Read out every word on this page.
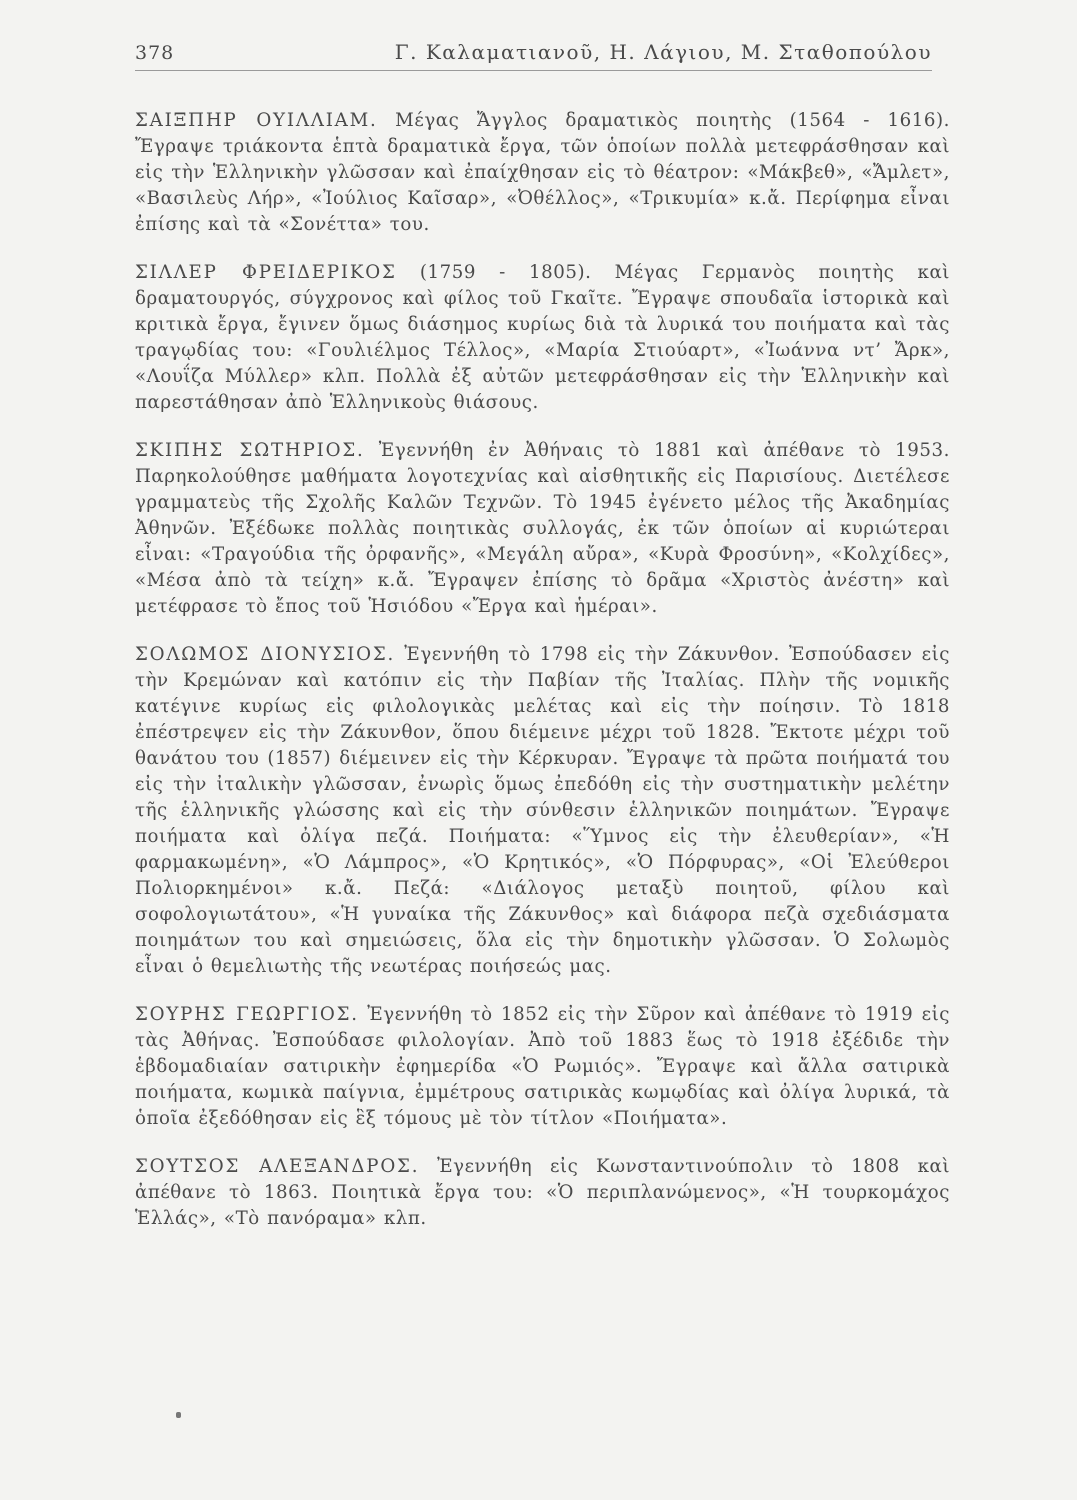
378	Γ. Καλαματιανοῦ, Η. Λάγιου, Μ. Σταθοπούλου

ΣΑΙΞΠΗΡ ΟΥΙΛΛΙΑΜ. Μέγας Ἄγγλος δραματικὸς ποιητὴς (1564 - 1616). Ἔγραψε τριάκοντα ἑπτὰ δραματικὰ ἔργα, τῶν ὁποίων πολλὰ μετεφράσθησαν καὶ εἰς τὴν Ἑλληνικὴν γλῶσσαν καὶ ἐπαίχθησαν εἰς τὸ θέατρον: «Μάκβεθ», «Ἄμλετ», «Βασιλεὺς Λήρ», «Ἰούλιος Καῖσαρ», «Ὀθέλλος», «Τρικυμία» κ.ἄ. Περίφημα εἶναι ἐπίσης καὶ τὰ «Σονέττα» του.

ΣΙΛΛΕΡ ΦΡΕΙΔΕΡΙΚΟΣ (1759 - 1805). Μέγας Γερμανὸς ποιητὴς καὶ δραματουργός, σύγχρονος καὶ φίλος τοῦ Γκαῖτε. Ἔγραψε σπουδαῖα ἱστορικὰ καὶ κριτικὰ ἔργα, ἔγινεν ὅμως διάσημος κυρίως διὰ τὰ λυρικά του ποιήματα καὶ τὰς τραγῳδίας του: «Γουλιέλμος Τέλλος», «Μαρία Στιούαρτ», «Ἰωάννα ντ’ Ἄρκ», «Λουΐζα Μύλλερ» κλπ. Πολλὰ ἐξ αὐτῶν μετεφράσθησαν εἰς τὴν Ἑλληνικὴν καὶ παρεστάθησαν ἀπὸ Ἑλληνικοὺς θιάσους.

ΣΚΙΠΗΣ ΣΩΤΗΡΙΟΣ. Ἐγεννήθη ἐν Ἀθήναις τὸ 1881 καὶ ἀπέθανε τὸ 1953. Παρηκολούθησε μαθήματα λογοτεχνίας καὶ αἰσθητικῆς εἰς Παρισίους. Διετέλεσε γραμματεὺς τῆς Σχολῆς Καλῶν Τεχνῶν. Τὸ 1945 ἐγένετο μέλος τῆς Ἀκαδημίας Ἀθηνῶν. Ἐξέδωκε πολλὰς ποιητικὰς συλλογάς, ἐκ τῶν ὁποίων αἱ κυριώτεραι εἶναι: «Τραγούδια τῆς ὀρφανῆς», «Μεγάλη αὔρα», «Κυρὰ Φροσύνη», «Κολχίδες», «Μέσα ἀπὸ τὰ τείχη» κ.ἄ. Ἔγραψεν ἐπίσης τὸ δρᾶμα «Χριστὸς ἀνέστη» καὶ μετέφρασε τὸ ἔπος τοῦ Ἡσιόδου «Ἔργα καὶ ἡμέραι».

ΣΟΛΩΜΟΣ ΔΙΟΝΥΣΙΟΣ. Ἐγεννήθη τὸ 1798 εἰς τὴν Ζάκυνθον. Ἐσπούδασεν εἰς τὴν Κρεμώναν καὶ κατόπιν εἰς τὴν Παβίαν τῆς Ἰταλίας. Πλὴν τῆς νομικῆς κατέγινε κυρίως εἰς φιλολογικὰς μελέτας καὶ εἰς τὴν ποίησιν. Τὸ 1818 ἐπέστρεψεν εἰς τὴν Ζάκυνθον, ὅπου διέμεινε μέχρι τοῦ 1828. Ἔκτοτε μέχρι τοῦ θανάτου του (1857) διέμεινεν εἰς τὴν Κέρκυραν. Ἔγραψε τὰ πρῶτα ποιήματά του εἰς τὴν ἰταλικὴν γλῶσσαν, ἐνωρὶς ὅμως ἐπεδόθη εἰς τὴν συστηματικὴν μελέτην τῆς ἑλληνικῆς γλώσσης καὶ εἰς τὴν σύνθεσιν ἑλληνικῶν ποιημάτων. Ἔγραψε ποιήματα καὶ ὀλίγα πεζά. Ποιήματα: «Ὕμνος εἰς τὴν ἐλευθερίαν», «Ἡ φαρμακωμένη», «Ὁ Λάμπρος», «Ὁ Κρητικός», «Ὁ Πόρφυρας», «Οἱ Ἐλεύθεροι Πολιορκημένοι» κ.ἄ. Πεζά: «Διάλογος μεταξὺ ποιητοῦ, φίλου καὶ σοφολογιωτάτου», «Ἡ γυναίκα τῆς Ζάκυνθος» καὶ διάφορα πεζὰ σχεδιάσματα ποιημάτων του καὶ σημειώσεις, ὅλα εἰς τὴν δημοτικὴν γλῶσσαν. Ὁ Σολωμὸς εἶναι ὁ θεμελιωτὴς τῆς νεωτέρας ποιήσεώς μας.

ΣΟΥΡΗΣ ΓΕΩΡΓΙΟΣ. Ἐγεννήθη τὸ 1852 εἰς τὴν Σῦρον καὶ ἀπέθανε τὸ 1919 εἰς τὰς Ἀθήνας. Ἐσπούδασε φιλολογίαν. Ἀπὸ τοῦ 1883 ἕως τὸ 1918 ἐξέδιδε τὴν ἑβδομαδιαίαν σατιρικὴν ἐφημερίδα «Ὁ Ρωμιός». Ἔγραψε καὶ ἄλλα σατιρικὰ ποιήματα, κωμικὰ παίγνια, ἐμμέτρους σατιρικὰς κωμῳδίας καὶ ὀλίγα λυρικά, τὰ ὁποῖα ἐξεδόθησαν εἰς ἓξ τόμους μὲ τὸν τίτλον «Ποιήματα».

ΣΟΥΤΣΟΣ ΑΛΕΞΑΝΔΡΟΣ. Ἐγεννήθη εἰς Κωνσταντινούπολιν τὸ 1808 καὶ ἀπέθανε τὸ 1863. Ποιητικὰ ἔργα του: «Ὁ περιπλανώμενος», «Ἡ τουρκομάχος Ἑλλάς», «Τὸ πανόραμα» κλπ.
